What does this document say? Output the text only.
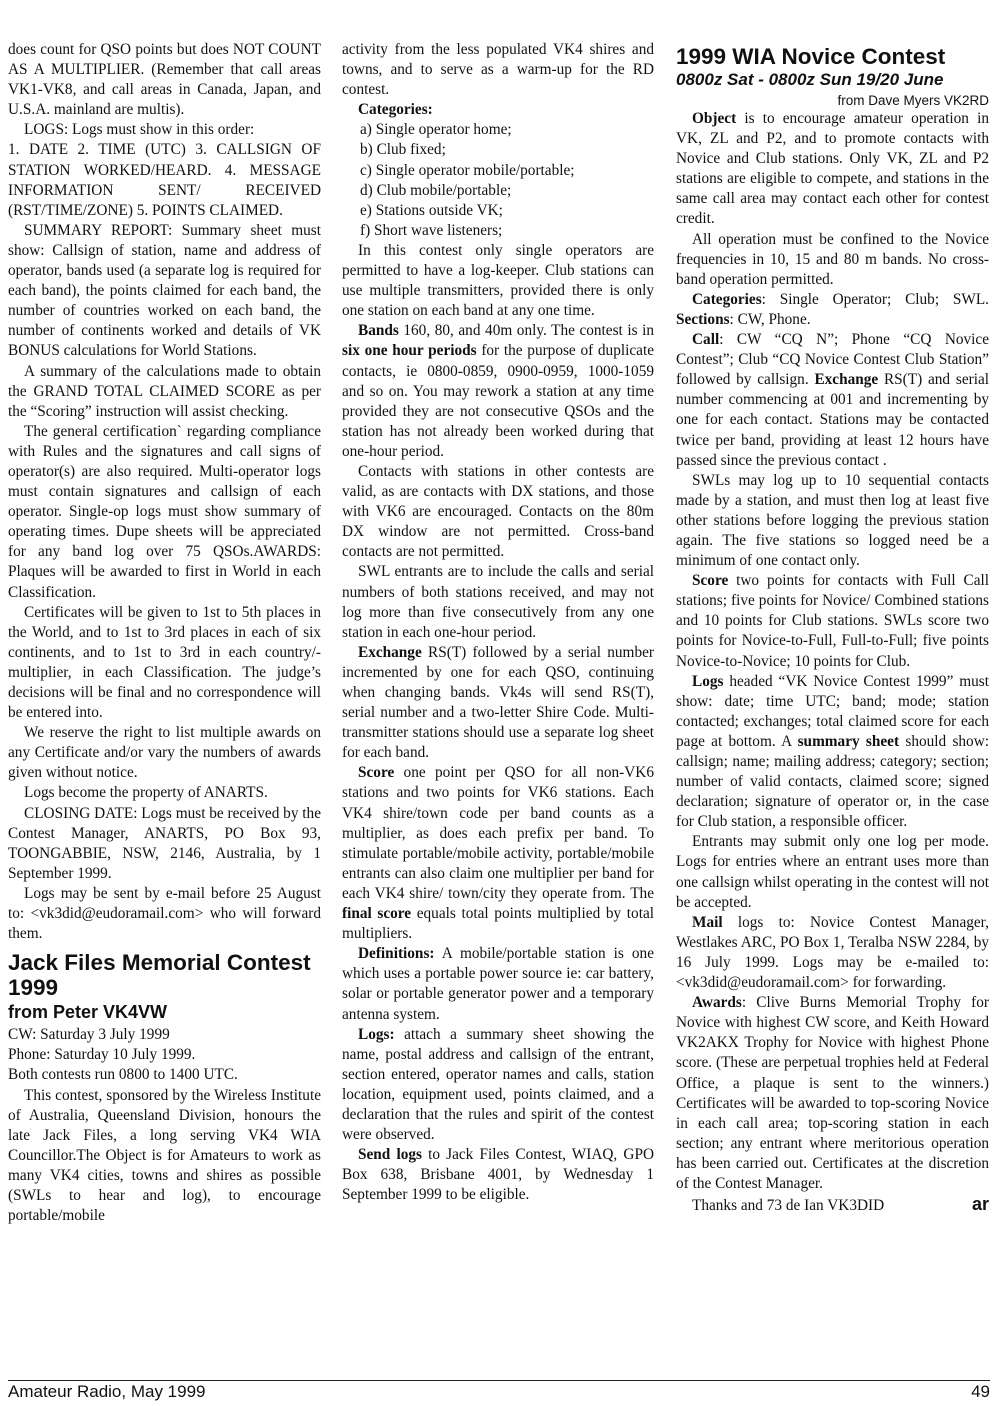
does count for QSO points but does NOT COUNT AS A MULTIPLIER. (Remember that call areas VK1-VK8, and call areas in Canada, Japan, and U.S.A. mainland are multis).

LOGS: Logs must show in this order:

1. DATE 2. TIME (UTC) 3. CALLSIGN OF STATION WORKED/HEARD. 4. MESSAGE INFORMATION SENT/ RECEIVED (RST/TIME/ZONE) 5. POINTS CLAIMED.

SUMMARY REPORT: Summary sheet must show: Callsign of station, name and address of operator, bands used (a separate log is required for each band), the points claimed for each band, the number of countries worked on each band, the number of continents worked and details of VK BONUS calculations for World Stations.

A summary of the calculations made to obtain the GRAND TOTAL CLAIMED SCORE as per the “Scoring” instruction will assist checking.

The general certification` regarding compliance with Rules and the signatures and call signs of operator(s) are also required. Multi-operator logs must contain signatures and callsign of each operator. Single-op logs must show summary of operating times. Dupe sheets will be appreciated for any band log over 75 QSOs.AWARDS: Plaques will be awarded to first in World in each Classification.

Certificates will be given to 1st to 5th places in the World, and to 1st to 3rd places in each of six continents, and to 1st to 3rd in each country/- multiplier, in each Classification. The judge’s decisions will be final and no correspondence will be entered into.

We reserve the right to list multiple awards on any Certificate and/or vary the numbers of awards given without notice.

Logs become the property of ANARTS.

CLOSING DATE: Logs must be received by the Contest Manager, ANARTS, PO Box 93, TOONGABBIE, NSW, 2146, Australia, by 1 September 1999.

Logs may be sent by e-mail before 25 August to: <vk3did@eudoramail.com> who will forward them.

Jack Files Memorial Contest 1999
from Peter VK4VW

CW: Saturday 3 July 1999

Phone: Saturday 10 July 1999.

Both contests run 0800 to 1400 UTC.

This contest, sponsored by the Wireless Institute of Australia, Queensland Division, honours the late Jack Files, a long serving VK4 WIA Councillor.The Object is for Amateurs to work as many VK4 cities, towns and shires as possible (SWLs to hear and log), to encourage portable/mobile

activity from the less populated VK4 shires and towns, and to serve as a warm-up for the RD contest.

Categories:

a) Single operator home;

b) Club fixed;

c) Single operator mobile/portable;

d) Club mobile/portable;

e) Stations outside VK;

f) Short wave listeners;

In this contest only single operators are permitted to have a log-keeper. Club stations can use multiple transmitters, provided there is only one station on each band at any one time.

Bands 160, 80, and 40m only. The contest is in six one hour periods for the purpose of duplicate contacts, ie 0800-0859, 0900-0959, 1000-1059 and so on. You may rework a station at any time provided they are not consecutive QSOs and the station has not already been worked during that one-hour period.

Contacts with stations in other contests are valid, as are contacts with DX stations, and those with VK6 are encouraged. Contacts on the 80m DX window are not permitted. Cross-band contacts are not permitted.

SWL entrants are to include the calls and serial numbers of both stations received, and may not log more than five consecutively from any one station in each one-hour period.

Exchange RS(T) followed by a serial number incremented by one for each QSO, continuing when changing bands. Vk4s will send RS(T), serial number and a two-letter Shire Code. Multi-transmitter stations should use a separate log sheet for each band.

Score one point per QSO for all non-VK6 stations and two points for VK6 stations. Each VK4 shire/town code per band counts as a multiplier, as does each prefix per band. To stimulate portable/mobile activity, portable/mobile entrants can also claim one multiplier per band for each VK4 shire/ town/city they operate from. The final score equals total points multiplied by total multipliers.

Definitions: A mobile/portable station is one which uses a portable power source ie: car battery, solar or portable generator power and a temporary antenna system.

Logs: attach a summary sheet showing the name, postal address and callsign of the entrant, section entered, operator names and calls, station location, equipment used, points claimed, and a declaration that the rules and spirit of the contest were observed.

Send logs to Jack Files Contest, WIAQ, GPO Box 638, Brisbane 4001, by Wednesday 1 September 1999 to be eligible.

1999 WIA Novice Contest
0800z Sat - 0800z Sun 19/20 June
from Dave Myers VK2RD

Object is to encourage amateur operation in VK, ZL and P2, and to promote contacts with Novice and Club stations. Only VK, ZL and P2 stations are eligible to compete, and stations in the same call area may contact each other for contest credit.

All operation must be confined to the Novice frequencies in 10, 15 and 80 m bands. No cross-band operation permitted.

Categories: Single Operator; Club; SWL. Sections: CW, Phone.

Call: CW “CQ N”; Phone “CQ Novice Contest”; Club “CQ Novice Contest Club Station” followed by callsign. Exchange RS(T) and serial number commencing at 001 and incrementing by one for each contact. Stations may be contacted twice per band, providing at least 12 hours have passed since the previous contact .

SWLs may log up to 10 sequential contacts made by a station, and must then log at least five other stations before logging the previous station again. The five stations so logged need be a minimum of one contact only.

Score two points for contacts with Full Call stations; five points for Novice/ Combined stations and 10 points for Club stations. SWLs score two points for Novice-to-Full, Full-to-Full; five points Novice-to-Novice; 10 points for Club.

Logs headed “VK Novice Contest 1999” must show: date; time UTC; band; mode; station contacted; exchanges; total claimed score for each page at bottom. A summary sheet should show: callsign; name; mailing address; category; section; number of valid contacts, claimed score; signed declaration; signature of operator or, in the case for Club station, a responsible officer.

Entrants may submit only one log per mode. Logs for entries where an entrant uses more than one callsign whilst operating in the contest will not be accepted.

Mail logs to: Novice Contest Manager, Westlakes ARC, PO Box 1, Teralba NSW 2284, by 16 July 1999. Logs may be e-mailed to: <vk3did@eudoramail.com> for forwarding.

Awards: Clive Burns Memorial Trophy for Novice with highest CW score, and Keith Howard VK2AKX Trophy for Novice with highest Phone score. (These are perpetual trophies held at Federal Office, a plaque is sent to the winners.) Certificates will be awarded to top-scoring Novice in each call area; top-scoring station in each section; any entrant where meritorious operation has been carried out. Certificates at the discretion of the Contest Manager.

Thanks and 73 de Ian VK3DID	ar

Amateur Radio, May 1999	49
